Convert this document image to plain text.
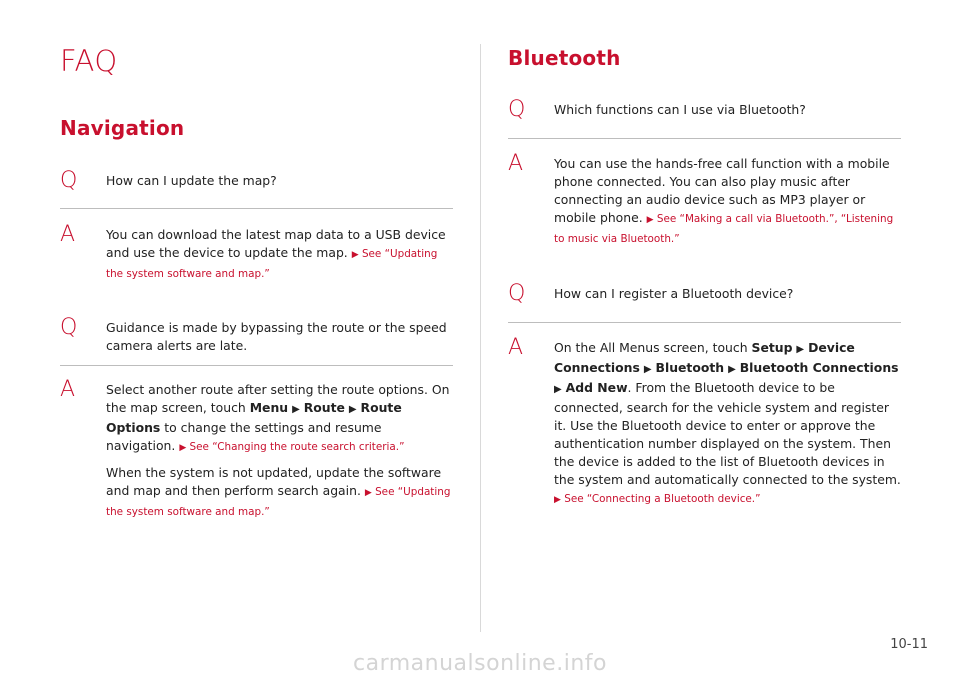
FAQ
Navigation
Q How can I update the map?
A You can download the latest map data to a USB device and use the device to update the map. ▶ See “Updating the system software and map.”
Q Guidance is made by bypassing the route or the speed camera alerts are late.
A Select another route after setting the route options. On the map screen, touch Menu ▶ Route ▶ Route Options to change the settings and resume navigation. ▶ See “Changing the route search criteria.”
When the system is not updated, update the software and map and then perform search again. ▶ See “Updating the system software and map.”
Bluetooth
Q Which functions can I use via Bluetooth?
A You can use the hands-free call function with a mobile phone connected. You can also play music after connecting an audio device such as MP3 player or mobile phone. ▶ See “Making a call via Bluetooth.”, “Listening to music via Bluetooth.”
Q How can I register a Bluetooth device?
A On the All Menus screen, touch Setup ▶ Device Connections ▶ Bluetooth ▶ Bluetooth Connections ▶ Add New. From the Bluetooth device to be connected, search for the vehicle system and register it. Use the Bluetooth device to enter or approve the authentication number displayed on the system. Then the device is added to the list of Bluetooth devices in the system and automatically connected to the system. ▶ See “Connecting a Bluetooth device.”
10-11
carmanualsonline.info
